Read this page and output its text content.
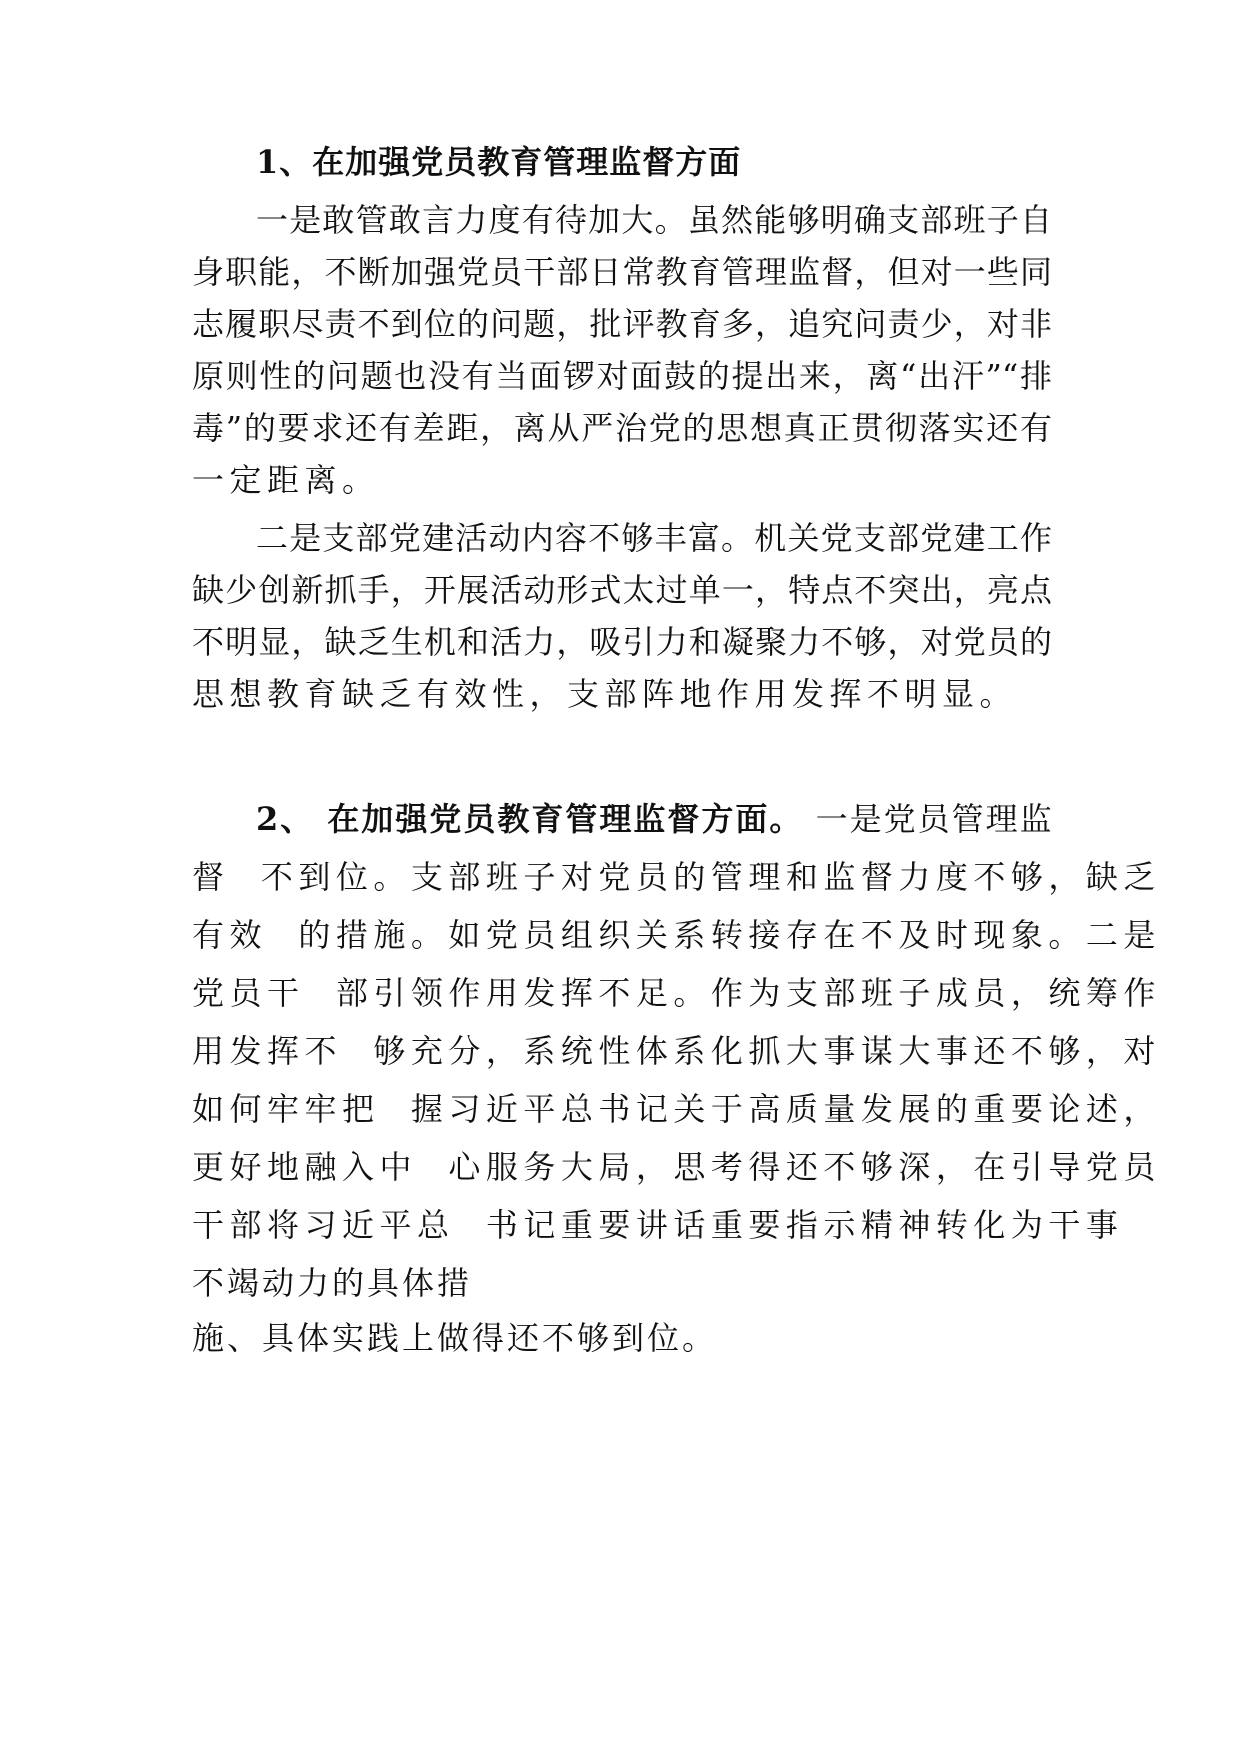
1、在加强党员教育管理监督方面
一是敢管敢言力度有待加大。虽然能够明确支部班子自
身职能，不断加强党员干部日常教育管理监督，但对一些同
志履职尽责不到位的问题，批评教育多，追究问责少，对非
原则性的问题也没有当面锣对面鼓的提出来，离“出汗”“排
毒”的要求还有差距，离从严治党的思想真正贯彻落实还有
一定距离。
二是支部党建活动内容不够丰富。机关党支部党建工作
缺少创新抓手，开展活动形式太过单一，特点不突出，亮点
不明显，缺乏生机和活力，吸引力和凝聚力不够，对党员的
思想教育缺乏有效性，支部阵地作用发挥不明显。
2、 在加强党员教育管理监督方面。 一是党员管理监
督  不到位。支部班子对党员的管理和监督力度不够，缺乏
有效  的措施。如党员组织关系转接存在不及时现象。二是
党员干  部引领作用发挥不足。作为支部班子成员，统筹作
用发挥不  够充分，系统性体系化抓大事谋大事还不够，对
如何牢牢把  握习近平总书记关于高质量发展的重要论述，
更好地融入中  心服务大局，思考得还不够深，在引导党员
干部将习近平总  书记重要讲话重要指示精神转化为干事
不竭动力的具体措
施、具体实践上做得还不够到位。
